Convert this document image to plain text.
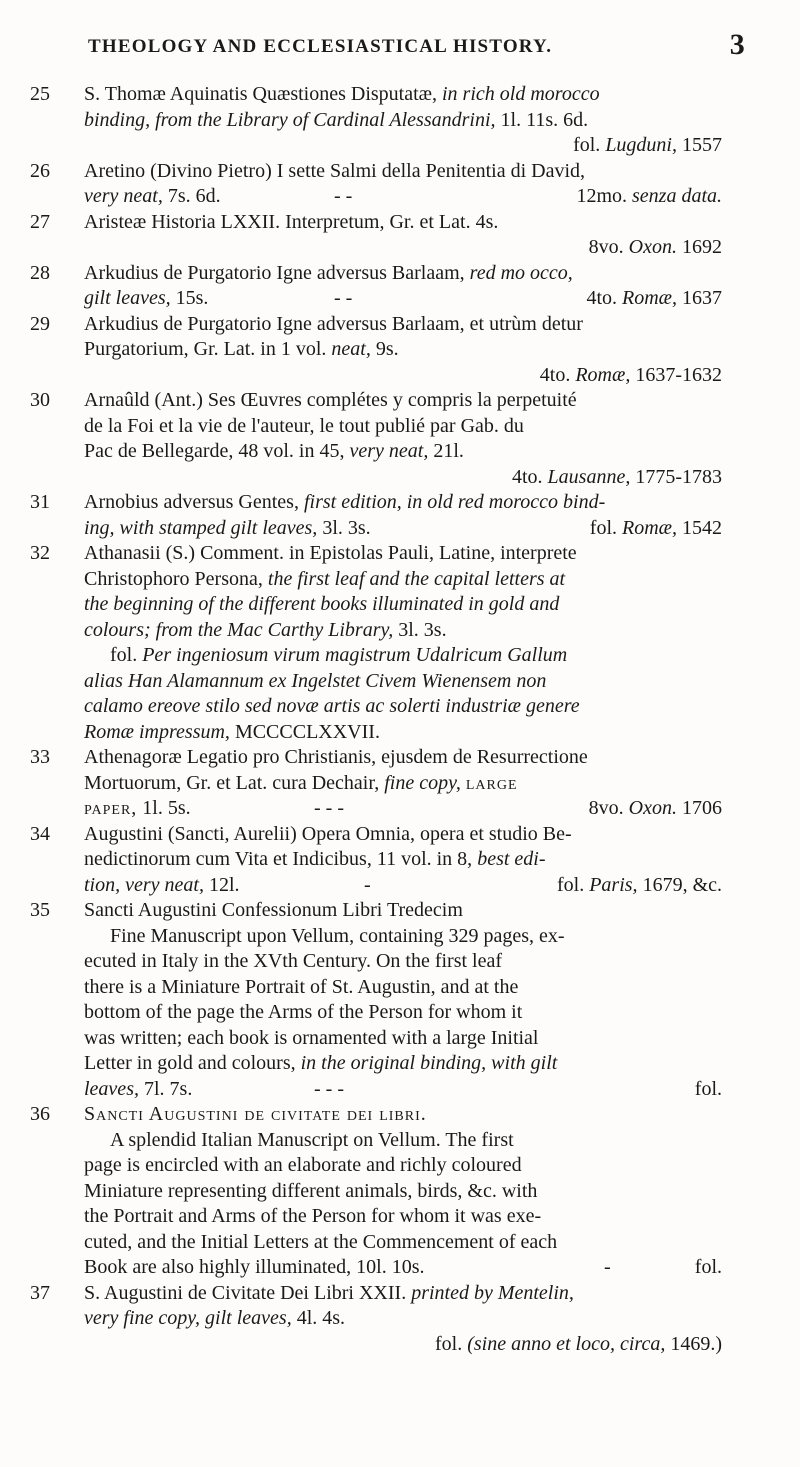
THEOLOGY AND ECCLESIASTICAL HISTORY.	3
25	S. Thomæ Aquinatis Quæstiones Disputatæ, in rich old morocco
binding, from the Library of Cardinal Alessandrini, 1l. 11s. 6d.
fol. Lugduni, 1557
26	Aretino (Divino Pietro) I sette Salmi della Penitentia di David,
very neat, 7s. 6d.	- -	12mo. senza data.
27	Aristeæ Historia LXXII. Interpretum, Gr. et Lat. 4s.
8vo. Oxon. 1692
28	Arkudius de Purgatorio Igne adversus Barlaam, red mo occo,
gilt leaves, 15s.	- -	4to. Romæ, 1637
29	Arkudius de Purgatorio Igne adversus Barlaam, et utrùm detur
Purgatorium, Gr. Lat. in 1 vol. neat, 9s.
4to. Romæ, 1637-1632
30	Arnaûld (Ant.) Ses Œuvres complétes y compris la perpetuité
de la Foi et la vie de l'auteur, le tout publié par Gab. du
Pac de Bellegarde, 48 vol. in 45, very neat, 21l.
4to. Lausanne, 1775-1783
31	Arnobius adversus Gentes, first edition, in old red morocco bind-
ing, with stamped gilt leaves, 3l. 3s.	fol. Romæ, 1542
32	Athanasii (S.) Comment. in Epistolas Pauli, Latine, interprete
Christophoro Persona, the first leaf and the capital letters at
the beginning of the different books illuminated in gold and
colours; from the Mac Carthy Library, 3l. 3s.
fol. Per ingeniosum virum magistrum Udalricum Gallum
alias Han Alamannum ex Ingelstet Civem Wienensem non
calamo ereove stilo sed novæ artis ac solerti industriæ genere
Romæ impressum, MCCCCLXXVII.
33	Athenagoræ Legatio pro Christianis, ejusdem de Resurrectione
Mortuorum, Gr. et Lat. cura Dechair, fine copy, large
paper, 1l. 5s.	- - -	8vo. Oxon. 1706
34	Augustini (Sancti, Aurelii) Opera Omnia, opera et studio Be-
nedictinorum cum Vita et Indicibus, 11 vol. in 8, best edi-
tion, very neat, 12l.	-	fol. Paris, 1679, &c.
35	Sancti Augustini Confessionum Libri Tredecim
Fine Manuscript upon Vellum, containing 329 pages, ex-
ecuted in Italy in the XVth Century. On the first leaf
there is a Miniature Portrait of St. Augustin, and at the
bottom of the page the Arms of the Person for whom it
was written; each book is ornamented with a large Initial
Letter in gold and colours, in the original binding, with gilt
leaves, 7l. 7s.	- - -	fol.
36	Sancti Augustini de civitate dei libri.
A splendid Italian Manuscript on Vellum. The first
page is encircled with an elaborate and richly coloured
Miniature representing different animals, birds, &c. with
the Portrait and Arms of the Person for whom it was exe-
cuted, and the Initial Letters at the Commencement of each
Book are also highly illuminated, 10l. 10s.	-	fol.
37	S. Augustini de Civitate Dei Libri XXII. printed by Mentelin,
very fine copy, gilt leaves, 4l. 4s.
fol. (sine anno et loco, circa, 1469.)
